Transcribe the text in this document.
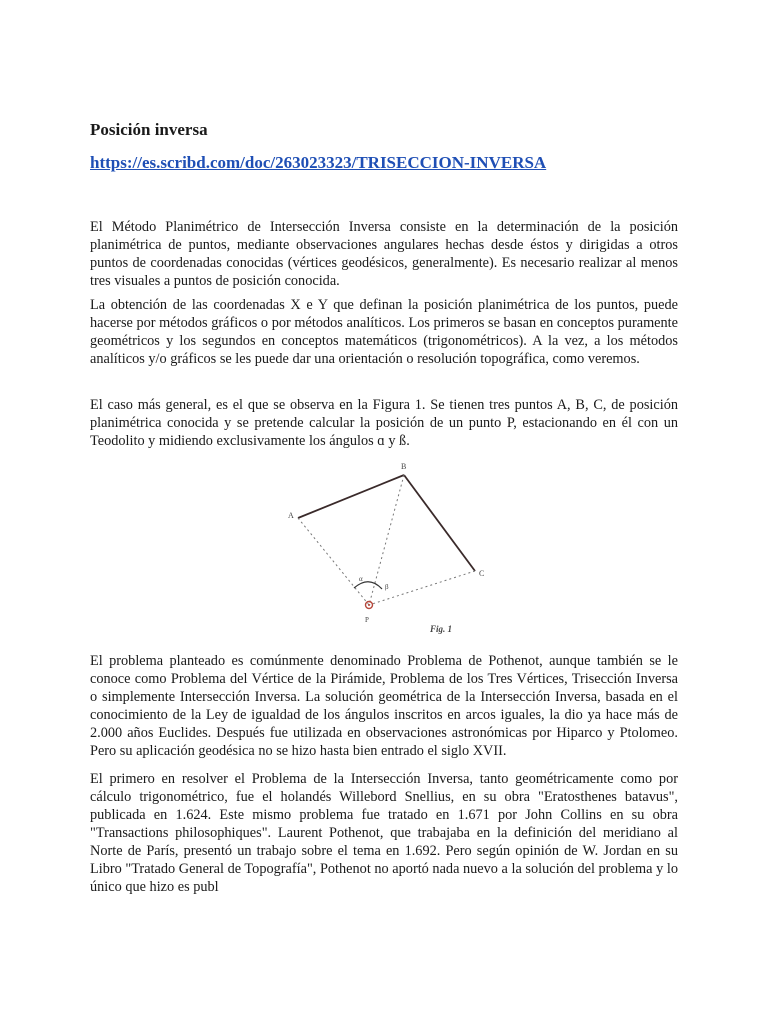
Posición inversa
https://es.scribd.com/doc/263023323/TRISECCION-INVERSA

El Método Planimétrico de Intersección Inversa consiste en la determinación de la posición planimétrica de puntos, mediante observaciones angulares hechas desde éstos y dirigidas a otros puntos de coordenadas conocidas (vértices geodésicos, generalmente). Es necesario realizar al menos tres visuales a puntos de posición conocida.

La obtención de las coordenadas X e Y que definan la posición planimétrica de los puntos, puede hacerse por métodos gráficos o por métodos analíticos. Los primeros se basan en conceptos puramente geométricos y los segundos en conceptos matemáticos (trigonométricos). A la vez, a los métodos analíticos y/o gráficos se les puede dar una orientación o resolución topográfica, como veremos.

El caso más general, es el que se observa en la Figura 1. Se tienen tres puntos A, B, C, de posición planimétrica conocida y se pretende calcular la posición de un punto P, estacionando en él con un Teodolito y midiendo exclusivamente los ángulos ɑ y ß.

A
B
C
P
α
β
Fig. 1

El problema planteado es comúnmente denominado Problema de Pothenot, aunque también se le conoce como Problema del Vértice de la Pirámide, Problema de los Tres Vértices, Trisección Inversa o simplemente Intersección Inversa. La solución geométrica de la Intersección Inversa, basada en el conocimiento de la Ley de igualdad de los ángulos inscritos en arcos iguales, la dio ya hace más de 2.000 años Euclides. Después fue utilizada en observaciones astronómicas por Hiparco y Ptolomeo. Pero su aplicación geodésica no se hizo hasta bien entrado el siglo XVII.

El primero en resolver el Problema de la Intersección Inversa, tanto geométricamente como por cálculo trigonométrico, fue el holandés Willebord Snellius, en su obra "Eratosthenes batavus", publicada en 1.624. Este mismo problema fue tratado en 1.671 por John Collins en su obra "Transactions philosophiques". Laurent Pothenot, que trabajaba en la definición del meridiano al Norte de París, presentó un trabajo sobre el tema en 1.692. Pero según opinión de W. Jordan en su Libro "Tratado General de Topografía", Pothenot no aportó nada nuevo a la solución del problema y lo único que hizo es publ
